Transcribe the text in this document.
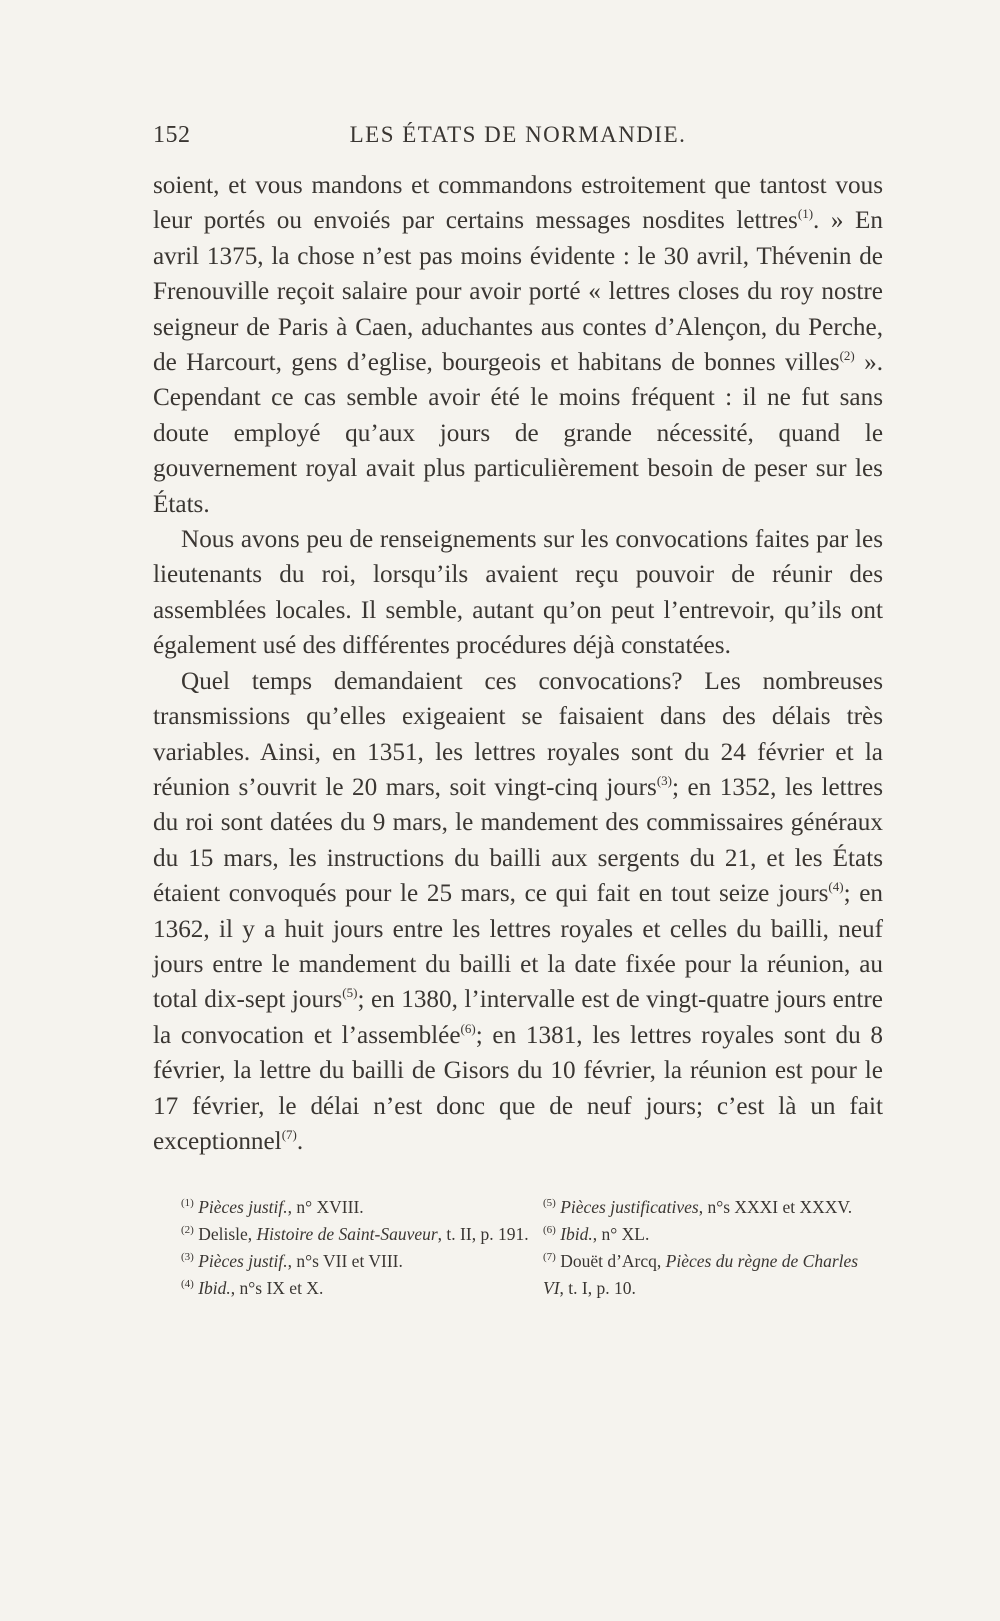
152	LES ÉTATS DE NORMANDIE.

soient, et vous mandons et commandons estroitement que tantost vous leur portés ou envoiés par certains messages nosdites lettres$^{(1)}$. » En avril 1375, la chose n’est pas moins évidente : le 30 avril, Thévenin de Frenouville reçoit salaire pour avoir porté « lettres closes du roy nostre seigneur de Paris à Caen, aduchantes aus contes d’Alençon, du Perche, de Harcourt, gens d’eglise, bourgeois et habitans de bonnes villes$^{(2)}$ ». Cependant ce cas semble avoir été le moins fréquent : il ne fut sans doute employé qu’aux jours de grande nécessité, quand le gouvernement royal avait plus particulièrement besoin de peser sur les États.

Nous avons peu de renseignements sur les convocations faites par les lieutenants du roi, lorsqu’ils avaient reçu pouvoir de réunir des assemblées locales. Il semble, autant qu’on peut l’entrevoir, qu’ils ont également usé des différentes procédures déjà constatées.

Quel temps demandaient ces convocations? Les nombreuses transmissions qu’elles exigeaient se faisaient dans des délais très variables. Ainsi, en 1351, les lettres royales sont du 24 février et la réunion s’ouvrit le 20 mars, soit vingt-cinq jours$^{(3)}$; en 1352, les lettres du roi sont datées du 9 mars, le mandement des commissaires généraux du 15 mars, les instructions du bailli aux sergents du 21, et les États étaient convoqués pour le 25 mars, ce qui fait en tout seize jours$^{(4)}$; en 1362, il y a huit jours entre les lettres royales et celles du bailli, neuf jours entre le mandement du bailli et la date fixée pour la réunion, au total dix-sept jours$^{(5)}$; en 1380, l’intervalle est de vingt-quatre jours entre la convocation et l’assemblée$^{(6)}$; en 1381, les lettres royales sont du 8 février, la lettre du bailli de Gisors du 10 février, la réunion est pour le 17 février, le délai n’est donc que de neuf jours; c’est là un fait exceptionnel$^{(7)}$.

$^{(1)}$ Pièces justif., n° XVIII.
$^{(2)}$ Delisle, Histoire de Saint-Sauveur, t. II, p. 191.
$^{(3)}$ Pièces justif., n°s VII et VIII.
$^{(4)}$ Ibid., n°s IX et X.
$^{(5)}$ Pièces justificatives, n°s XXXI et XXXV.
$^{(6)}$ Ibid., n° XL.
$^{(7)}$ Douët d’Arcq, Pièces du règne de Charles VI, t. I, p. 10.
